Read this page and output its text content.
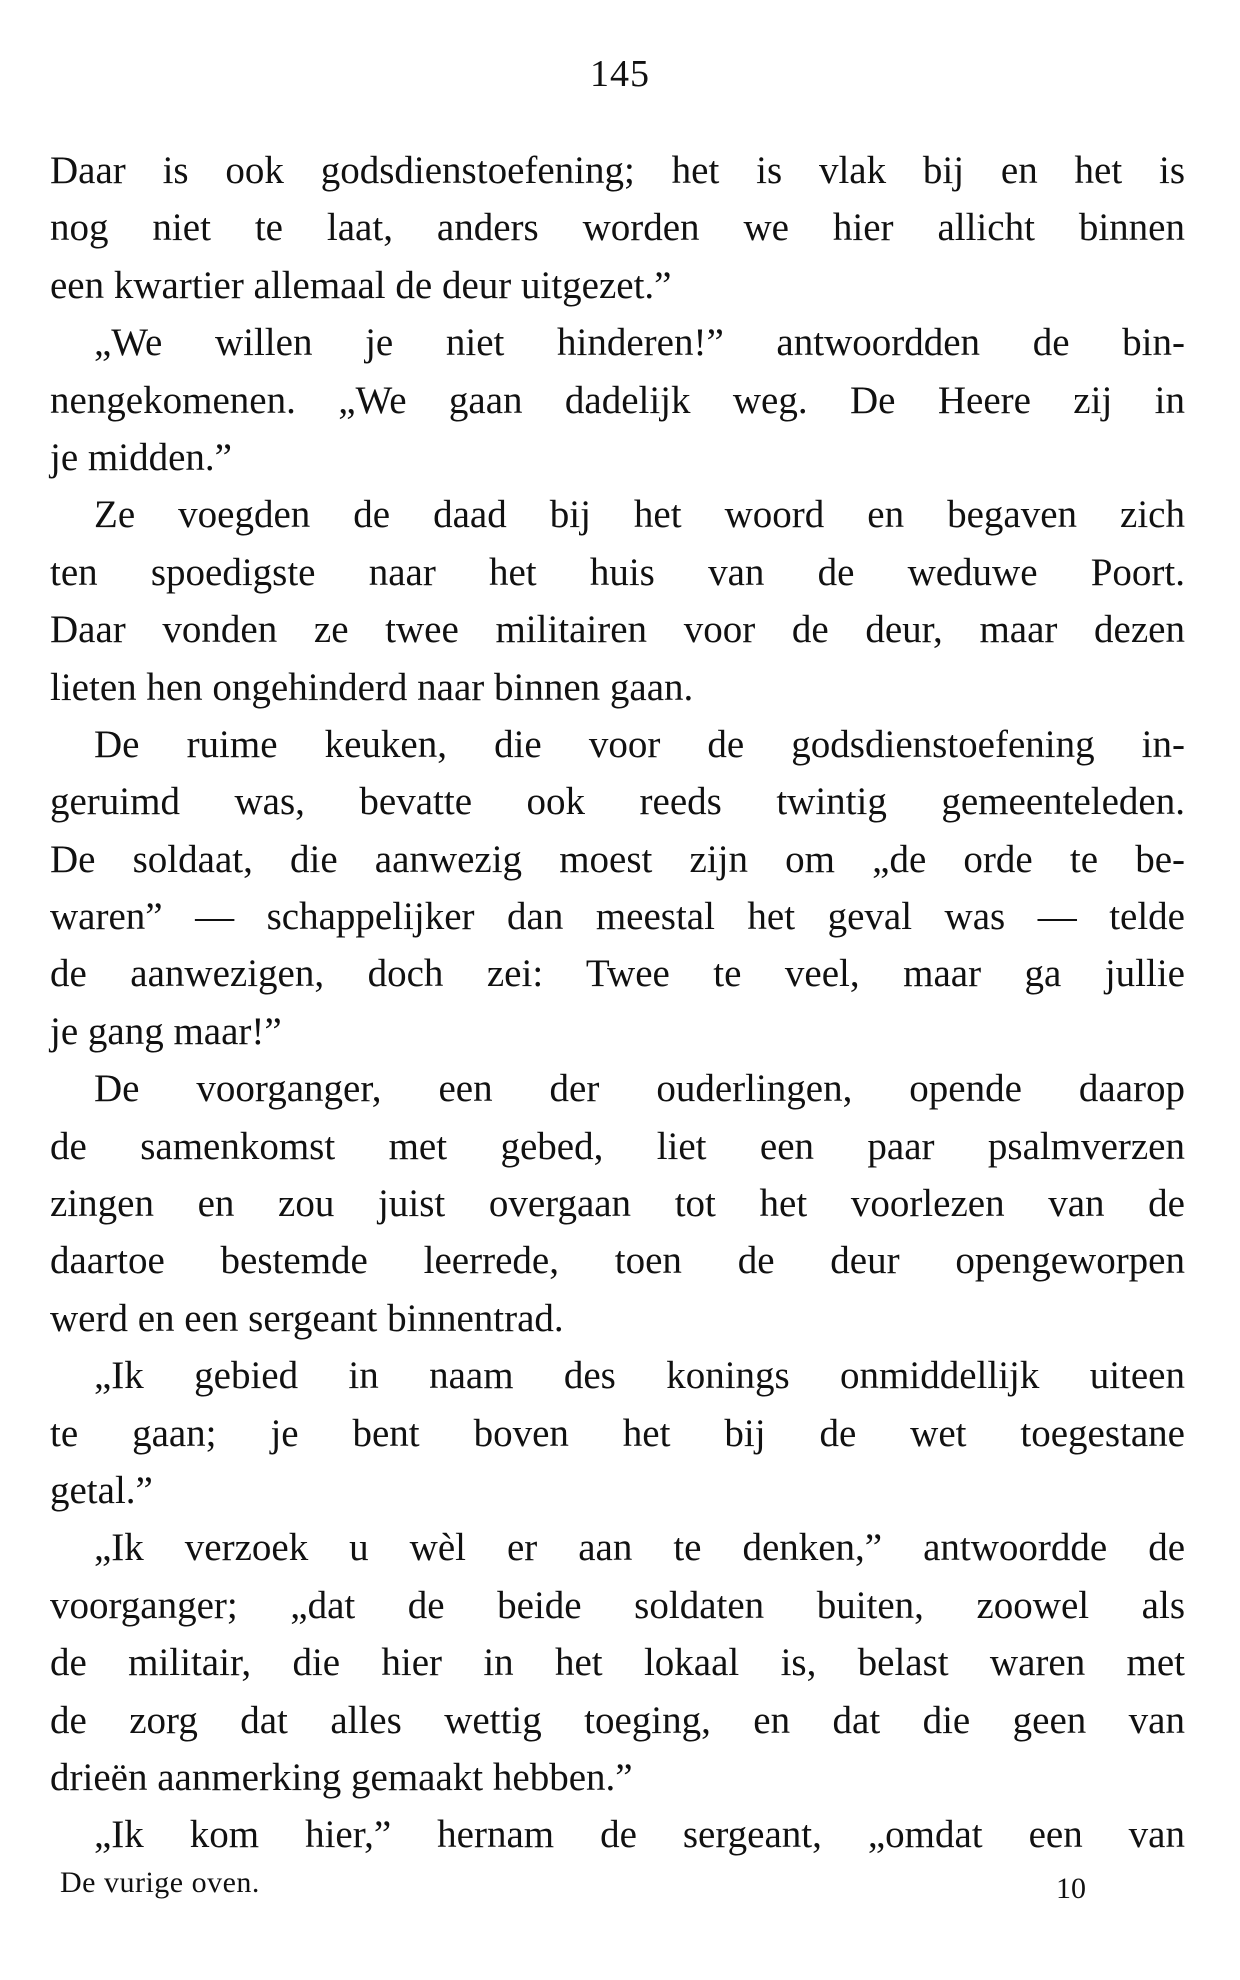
145
Daar is ook godsdienstoefening; het is vlak bij en het is
nog niet te laat, anders worden we hier allicht binnen
een kwartier allemaal de deur uitgezet.”
„We willen je niet hinderen!” antwoordden de bin-
nengekomenen. „We gaan dadelijk weg. De Heere zij in
je midden.”
Ze voegden de daad bij het woord en begaven zich
ten spoedigste naar het huis van de weduwe Poort.
Daar vonden ze twee militairen voor de deur, maar dezen
lieten hen ongehinderd naar binnen gaan.
De ruime keuken, die voor de godsdienstoefening in-
geruimd was, bevatte ook reeds twintig gemeenteleden.
De soldaat, die aanwezig moest zijn om „de orde te be-
waren” — schappelijker dan meestal het geval was — telde
de aanwezigen, doch zei: Twee te veel, maar ga jullie
je gang maar!”
De voorganger, een der ouderlingen, opende daarop
de samenkomst met gebed, liet een paar psalmverzen
zingen en zou juist overgaan tot het voorlezen van de
daartoe bestemde leerrede, toen de deur opengeworpen
werd en een sergeant binnentrad.
„Ik gebied in naam des konings onmiddellijk uiteen
te gaan; je bent boven het bij de wet toegestane
getal.”
„Ik verzoek u wèl er aan te denken,” antwoordde de
voorganger; „dat de beide soldaten buiten, zoowel als
de militair, die hier in het lokaal is, belast waren met
de zorg dat alles wettig toeging, en dat die geen van
drieën aanmerking gemaakt hebben.”
„Ik kom hier,” hernam de sergeant, „omdat een van
De vurige oven.	10
